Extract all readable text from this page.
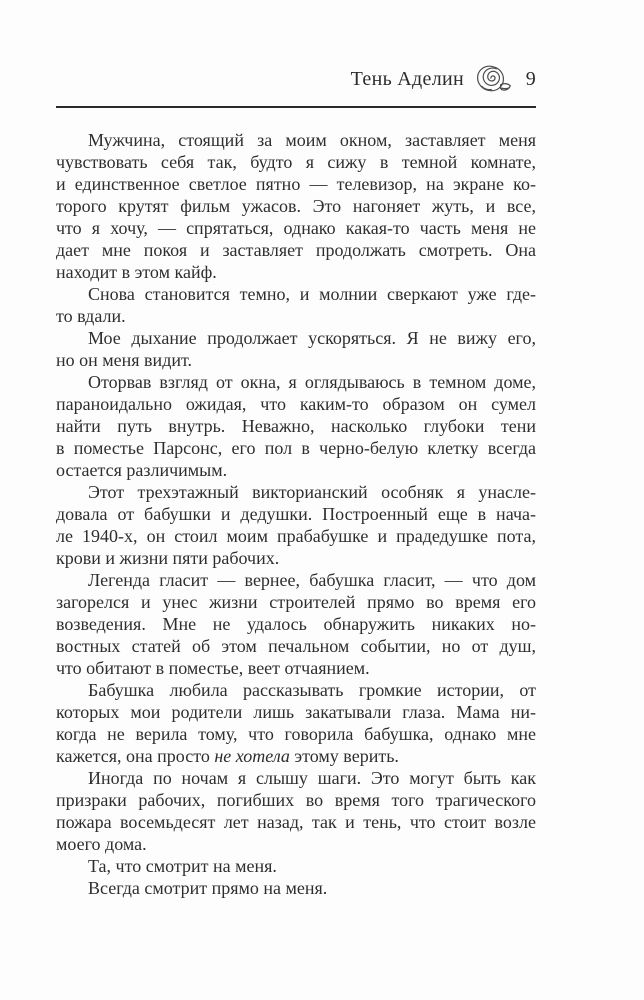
Тень Аделин	9
Мужчина, стоящий за моим окном, заставляет меня
чувствовать себя так, будто я сижу в темной комнате,
и единственное светлое пятно — телевизор, на экране ко-
торого крутят фильм ужасов. Это нагоняет жуть, и все,
что я хочу, — спрятаться, однако какая-то часть меня не
дает мне покоя и заставляет продолжать смотреть. Она
находит в этом кайф.
Снова становится темно, и молнии сверкают уже где-
то вдали.
Мое дыхание продолжает ускоряться. Я не вижу его,
но он меня видит.
Оторвав взгляд от окна, я оглядываюсь в темном доме,
параноидально ожидая, что каким-то образом он сумел
найти путь внутрь. Неважно, насколько глубоки тени
в поместье Парсонс, его пол в черно-белую клетку всегда
остается различимым.
Этот трехэтажный викторианский особняк я унасле-
довала от бабушки и дедушки. Построенный еще в нача-
ле 1940-х, он стоил моим прабабушке и прадедушке пота,
крови и жизни пяти рабочих.
Легенда гласит — вернее, бабушка гласит, — что дом
загорелся и унес жизни строителей прямо во время его
возведения. Мне не удалось обнаружить никаких но-
востных статей об этом печальном событии, но от душ,
что обитают в поместье, веет отчаянием.
Бабушка любила рассказывать громкие истории, от
которых мои родители лишь закатывали глаза. Мама ни-
когда не верила тому, что говорила бабушка, однако мне
кажется, она просто не хотела этому верить.
Иногда по ночам я слышу шаги. Это могут быть как
призраки рабочих, погибших во время того трагического
пожара восемьдесят лет назад, так и тень, что стоит возле
моего дома.
Та, что смотрит на меня.
Всегда смотрит прямо на меня.
